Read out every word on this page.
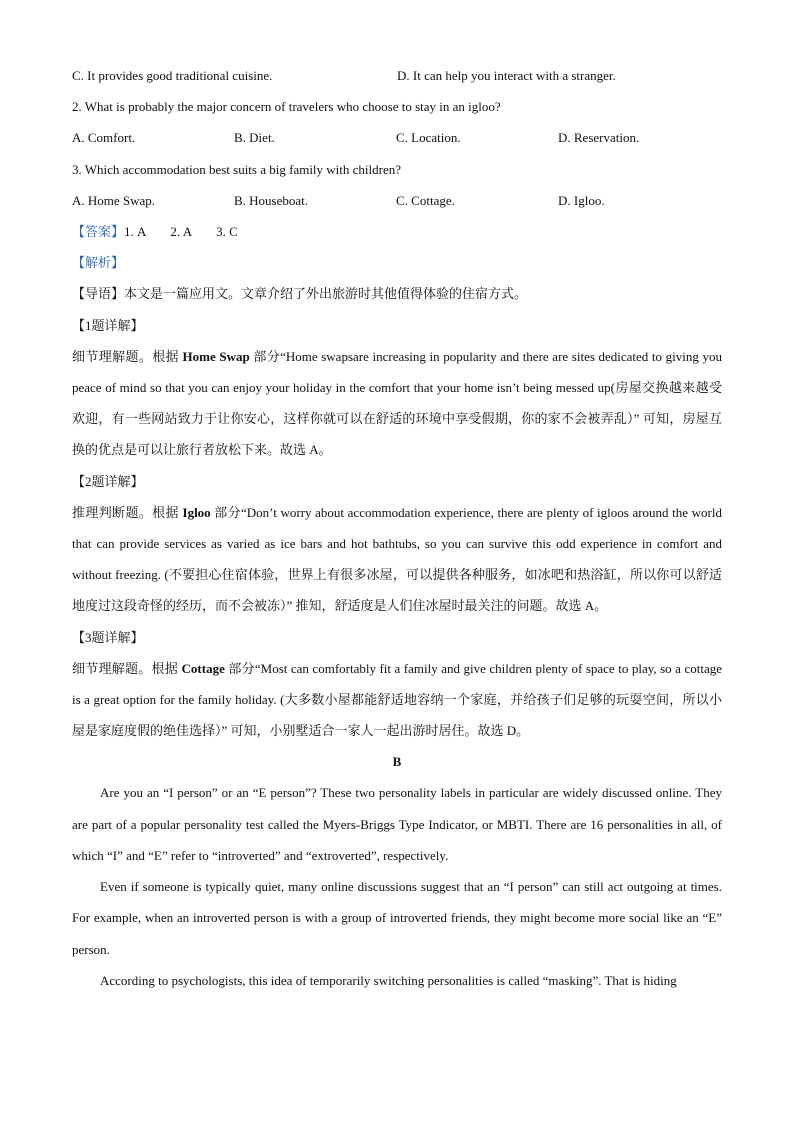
C. It provides good traditional cuisine.	D. It can help you interact with a stranger.
2. What is probably the major concern of travelers who choose to stay in an igloo?
A. Comfort.	B. Diet.	C. Location.	D. Reservation.
3. Which accommodation best suits a big family with children?
A. Home Swap.	B. Houseboat.	C. Cottage.	D. Igloo.
【答案】1. A 2. A 3. C
【解析】
【导语】本文是一篇应用文。文章介绍了外出旅游时其他值得体验的住宿方式。
【1题详解】

细节理解题。根据 Home Swap 部分“Home swapsare increasing in popularity and there are sites dedicated to giving you peace of mind so that you can enjoy your holiday in the comfort that your home isn’t being messed up(房屋交换越来越受欢迎，有一些网站致力于让你安心，这样你就可以在舒适的环境中享受假期，你的家不会被弄乱）” 可知，房屋互换的优点是可以让旅行者放松下来。故选 A。

【2题详解】

推理判断题。根据 Igloo 部分“Don’t worry about accommodation experience, there are plenty of igloos around the world that can provide services as varied as ice bars and hot bathtubs, so you can survive this odd experience in comfort and without freezing. (不要担心住宿体验，世界上有很多冰屋，可以提供各种服务，如冰吧和热浴缸，所以你可以舒适地度过这段奇怪的经历，而不会被冻）” 推知，舒适度是人们住冰屋时最关注的问题。故选 A。

【3题详解】

细节理解题。根据 Cottage 部分“Most can comfortably fit a family and give children plenty of space to play, so a cottage is a great option for the family holiday. (大多数小屋都能舒适地容纳一个家庭，并给孩子们足够的玩耍空间，所以小屋是家庭度假的绝佳选择）” 可知，小别墅适合一家人一起出游时居住。故选 D。

B

Are you an “I person” or an “E person”? These two personality labels in particular are widely discussed online. They are part of a popular personality test called the Myers-Briggs Type Indicator, or MBTI. There are 16 personalities in all, of which “I” and “E” refer to “introverted” and “extroverted”, respectively.

Even if someone is typically quiet, many online discussions suggest that an “I person” can still act outgoing at times. For example, when an introverted person is with a group of introverted friends, they might become more social like an “E” person.

According to psychologists, this idea of temporarily switching personalities is called “masking”. That is hiding
